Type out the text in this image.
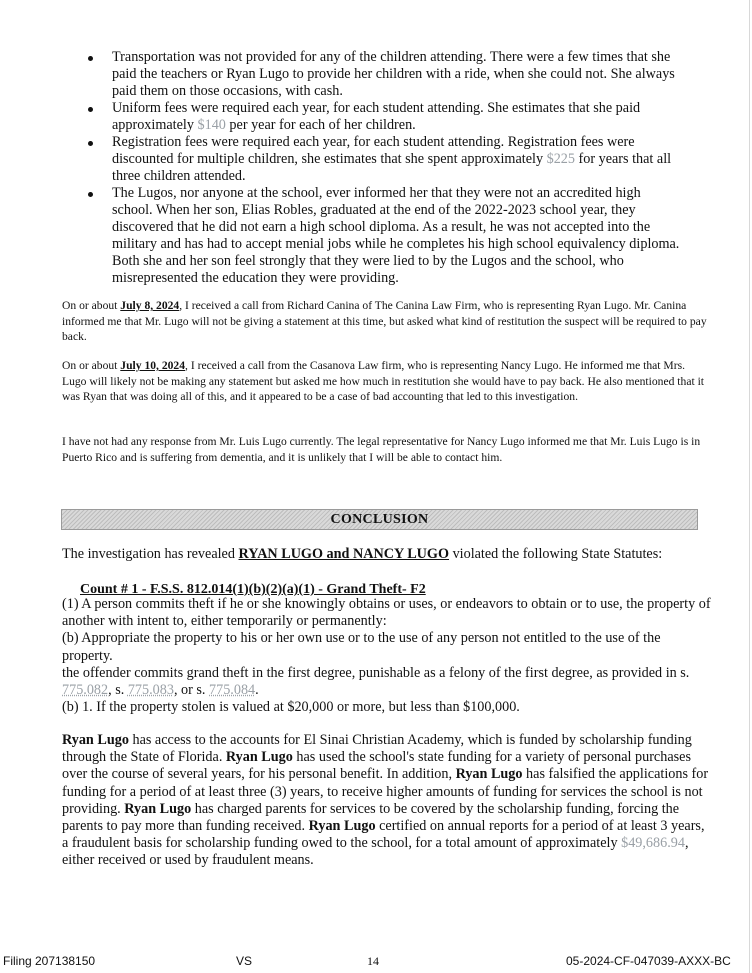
Transportation was not provided for any of the children attending. There were a few times that she paid the teachers or Ryan Lugo to provide her children with a ride, when she could not. She always paid them on those occasions, with cash.

Uniform fees were required each year, for each student attending. She estimates that she paid approximately $140 per year for each of her children.

Registration fees were required each year, for each student attending. Registration fees were discounted for multiple children, she estimates that she spent approximately $225 for years that all three children attended.

The Lugos, nor anyone at the school, ever informed her that they were not an accredited high school. When her son, Elias Robles, graduated at the end of the 2022-2023 school year, they discovered that he did not earn a high school diploma. As a result, he was not accepted into the military and has had to accept menial jobs while he completes his high school equivalency diploma. Both she and her son feel strongly that they were lied to by the Lugos and the school, who misrepresented the education they were providing.

On or about July 8, 2024, I received a call from Richard Canina of The Canina Law Firm, who is representing Ryan Lugo. Mr. Canina informed me that Mr. Lugo will not be giving a statement at this time, but asked what kind of restitution the suspect will be required to pay back.
On or about July 10, 2024, I received a call from the Casanova Law firm, who is representing Nancy Lugo. He informed me that Mrs. Lugo will likely not be making any statement but asked me how much in restitution she would have to pay back. He also mentioned that it was Ryan that was doing all of this, and it appeared to be a case of bad accounting that led to this investigation.
I have not had any response from Mr. Luis Lugo currently. The legal representative for Nancy Lugo informed me that Mr. Luis Lugo is in Puerto Rico and is suffering from dementia, and it is unlikely that I will be able to contact him.
CONCLUSION
The investigation has revealed RYAN LUGO and NANCY LUGO violated the following State Statutes:
Count # 1 - F.S.S. 812.014(1)(b)(2)(a)(1) - Grand Theft- F2

(1) A person commits theft if he or she knowingly obtains or uses, or endeavors to obtain or to use, the property of another with intent to, either temporarily or permanently:

(b) Appropriate the property to his or her own use or to the use of any person not entitled to the use of the property.

the offender commits grand theft in the first degree, punishable as a felony of the first degree, as provided in s. 775.082, s. 775.083, or s. 775.084.

(b) 1. If the property stolen is valued at $20,000 or more, but less than $100,000.

Ryan Lugo has access to the accounts for El Sinai Christian Academy, which is funded by scholarship funding through the State of Florida. Ryan Lugo has used the school's state funding for a variety of personal purchases over the course of several years, for his personal benefit. In addition, Ryan Lugo has falsified the applications for funding for a period of at least three (3) years, to receive higher amounts of funding for services the school is not providing. Ryan Lugo has charged parents for services to be covered by the scholarship funding, forcing the parents to pay more than funding received. Ryan Lugo certified on annual reports for a period of at least 3 years, a fraudulent basis for scholarship funding owed to the school, for a total amount of approximately $49,686.94, either received or used by fraudulent means.
Filing 207138150	VS	14	05-2024-CF-047039-AXXX-BC
